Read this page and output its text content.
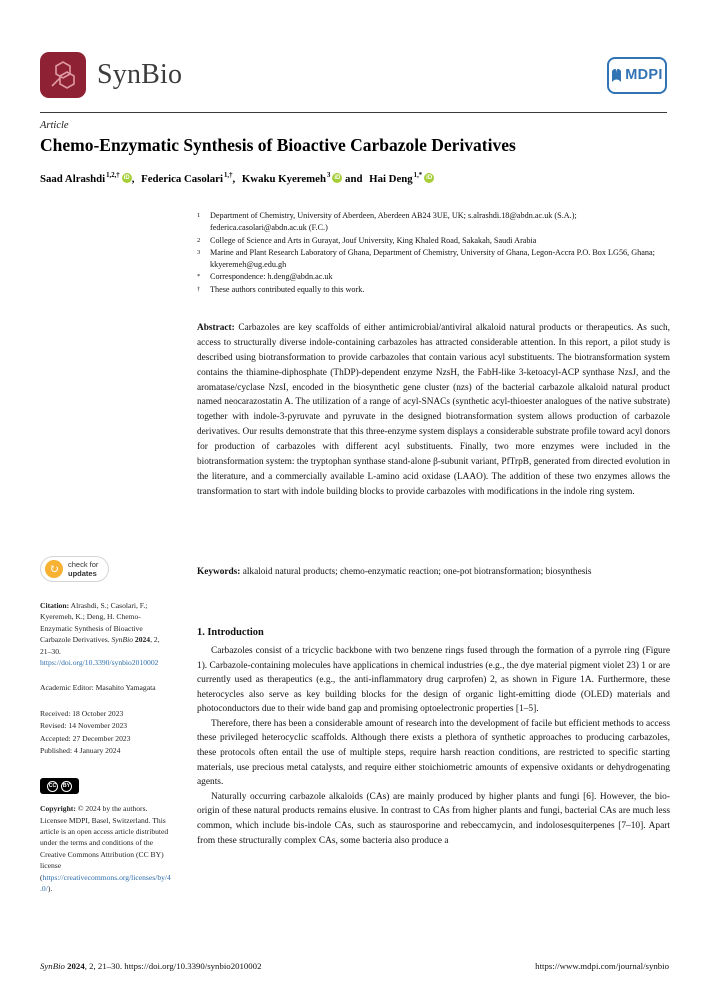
SynBio	MDPI
Article
Chemo-Enzymatic Synthesis of Bioactive Carbazole Derivatives
Saad Alrashdi$^{1,2,\dagger}$ iD , Federica Casolari$^{1,\dagger}$, Kwaku Kyeremeh$^3$ iD and Hai Deng$^{1,*}$ iD
1	Department of Chemistry, University of Aberdeen, Aberdeen AB24 3UE, UK; s.alrashdi.18@abdn.ac.uk (S.A.); federica.casolari@abdn.ac.uk (F.C.)
2	College of Science and Arts in Gurayat, Jouf University, King Khaled Road, Sakakah, Saudi Arabia
3	Marine and Plant Research Laboratory of Ghana, Department of Chemistry, University of Ghana, Legon-Accra P.O. Box LG56, Ghana; kkyeremeh@ug.edu.gh
*	Correspondence: h.deng@abdn.ac.uk
†	These authors contributed equally to this work.
Abstract: Carbazoles are key scaffolds of either antimicrobial/antiviral alkaloid natural products or therapeutics. As such, access to structurally diverse indole-containing carbazoles has attracted considerable attention. In this report, a pilot study is described using biotransformation to provide carbazoles that contain various acyl substituents. The biotransformation system contains the thiamine-diphosphate (ThDP)-dependent enzyme NzsH, the FabH-like 3-ketoacyl-ACP synthase NzsJ, and the aromatase/cyclase NzsI, encoded in the biosynthetic gene cluster (nzs) of the bacterial carbazole alkaloid natural product named neocarazostatin A. The utilization of a range of acyl-SNACs (synthetic acyl-thioester analogues of the native substrate) together with indole-3-pyruvate and pyruvate in the designed biotransformation system allows production of carbazole derivatives. Our results demonstrate that this three-enzyme system displays a considerable substrate profile toward acyl donors for production of carbazoles with different acyl substituents. Finally, two more enzymes were included in the biotransformation system: the tryptophan synthase stand-alone β-subunit variant, PfTrpB, generated from directed evolution in the literature, and a commercially available L-amino acid oxidase (LAAO). The addition of these two enzymes allows the transformation to start with indole building blocks to provide carbazoles with modifications in the indole ring system.
Keywords: alkaloid natural products; chemo-enzymatic reaction; one-pot biotransformation; biosynthesis
↻	check for
updates

Citation: Alrashdi, S.; Casolari, F.; Kyeremeh, K.; Deng, H. Chemo-Enzymatic Synthesis of Bioactive Carbazole Derivatives. SynBio 2024, 2, 21–30. https://doi.org/10.3390/synbio2010002

Academic Editor: Masahito Yamagata

Received: 18 October 2023
Revised: 14 November 2023
Accepted: 27 December 2023
Published: 4 January 2024
CC	BY

Copyright: © 2024 by the authors. Licensee MDPI, Basel, Switzerland. This article is an open access article distributed under the terms and conditions of the Creative Commons Attribution (CC BY) license (https://creativecommons.org/licenses/by/4.0/).

1. Introduction

Carbazoles consist of a tricyclic backbone with two benzene rings fused through the formation of a pyrrole ring (Figure 1). Carbazole-containing molecules have applications in chemical industries (e.g., the dye material pigment violet 23) 1 or are currently used as therapeutics (e.g., the anti-inflammatory drug carprofen) 2, as shown in Figure 1A. Furthermore, these heterocycles also serve as key building blocks for the design of organic light-emitting diode (OLED) materials and photoconductors due to their wide band gap and promising optoelectronic properties [1–5].

Therefore, there has been a considerable amount of research into the development of facile but efficient methods to access these privileged heterocyclic scaffolds. Although there exists a plethora of synthetic approaches to producing carbazoles, these protocols often entail the use of multiple steps, require harsh reaction conditions, are restricted to specific starting materials, use precious metal catalysts, and require either stoichiometric amounts of expensive oxidants or dehydrogenating agents.

Naturally occurring carbazole alkaloids (CAs) are mainly produced by higher plants and fungi [6]. However, the bio-origin of these natural products remains elusive. In contrast to CAs from higher plants and fungi, bacterial CAs are much less common, which include bis-indole CAs, such as staurosporine and rebeccamycin, and indolosesquiterpenes [7–10]. Apart from these structurally complex CAs, some bacteria also produce a

SynBio 2024, 2, 21–30. https://doi.org/10.3390/synbio2010002	https://www.mdpi.com/journal/synbio
